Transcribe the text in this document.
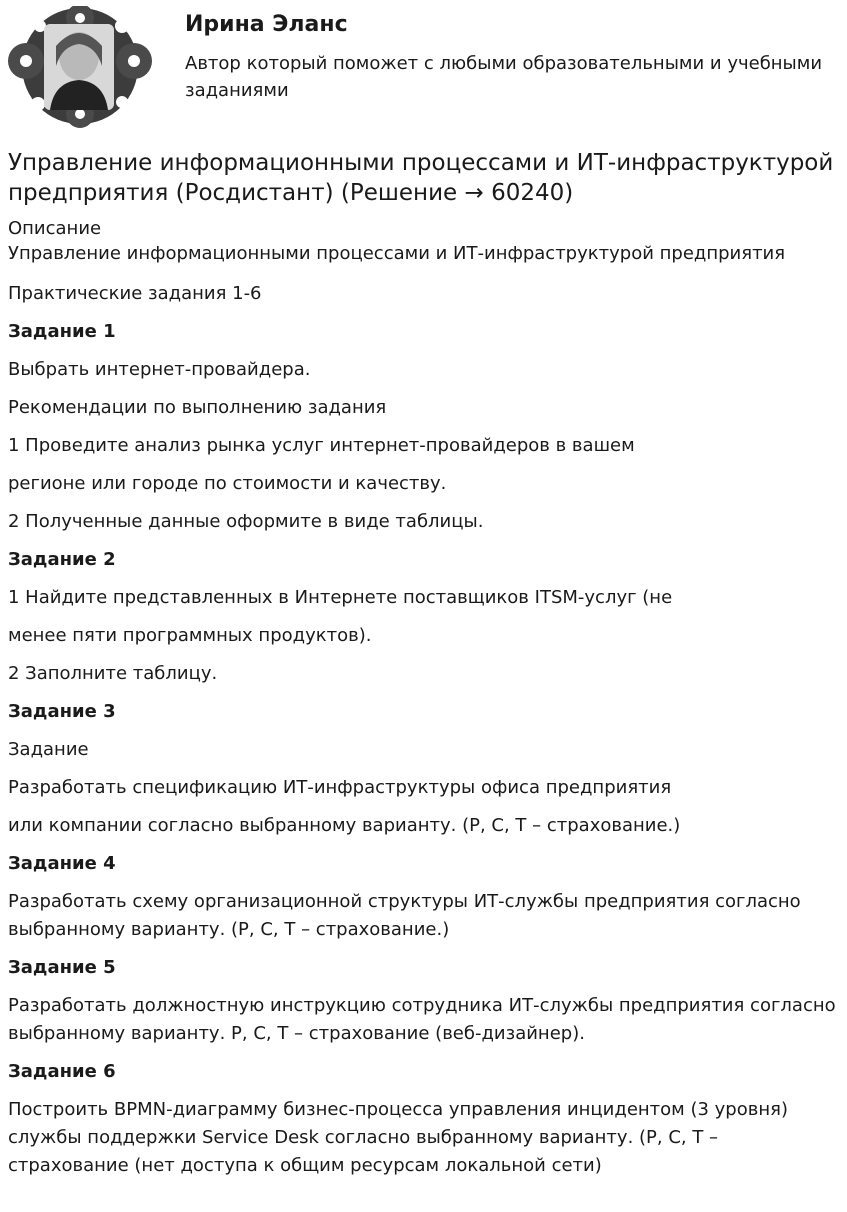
Ирина Эланс
Автор который поможет с любыми образовательными и учебными заданиями
Управление информационными процессами и ИТ-инфраструктурой предприятия (Росдистант) (Решение → 60240)
Описание
Управление информационными процессами и ИТ-инфраструктурой предприятия
Практические задания 1-6
Задание 1
Выбрать интернет-провайдера.
Рекомендации по выполнению задания
1 Проведите анализ рынка услуг интернет-провайдеров в вашем
регионе или городе по стоимости и качеству.
2 Полученные данные оформите в виде таблицы.
Задание 2
1 Найдите представленных в Интернете поставщиков ITSM-услуг (не
менее пяти программных продуктов).
2 Заполните таблицу.
Задание 3
Задание
Разработать спецификацию ИТ-инфраструктуры офиса предприятия
или компании согласно выбранному варианту. (Р, С, Т – страхование.)
Задание 4
Разработать схему организационной структуры ИТ-службы предприятия согласно выбранному варианту. (Р, С, Т – страхование.)
Задание 5
Разработать должностную инструкцию сотрудника ИТ-службы предприятия согласно выбранному варианту. Р, С, Т – страхование (веб-дизайнер).
Задание 6
Построить BPMN-диаграмму бизнес-процесса управления инцидентом (3 уровня) службы поддержки Service Desk согласно выбранному варианту. (Р, С, Т – страхование (нет доступа к общим ресурсам локальной сети)
